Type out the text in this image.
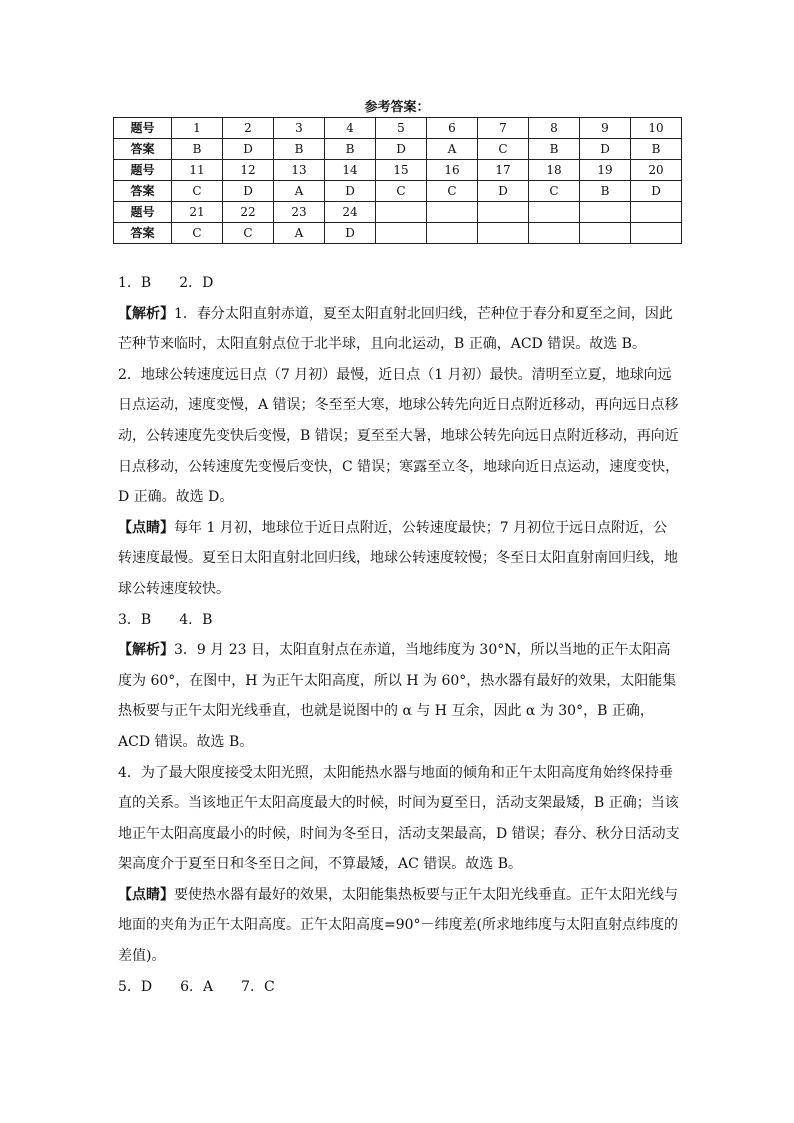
参考答案：
题号	1	2	3	4	5	6	7	8	9	10
答案	B	D	B	B	D	A	C	B	D	B
题号	11	12	13	14	15	16	17	18	19	20
答案	C	D	A	D	C	C	D	C	B	D
题号	21	22	23	24						
答案	C	C	A	D						

1．B　　2．D

【解析】1．春分太阳直射赤道，夏至太阳直射北回归线，芒种位于春分和夏至之间，因此芒种节来临时，太阳直射点位于北半球，且向北运动，B 正确，ACD 错误。故选 B。

2．地球公转速度远日点（7 月初）最慢，近日点（1 月初）最快。清明至立夏，地球向远日点运动，速度变慢，A 错误；冬至至大寒，地球公转先向近日点附近移动，再向远日点移动，公转速度先变快后变慢，B 错误；夏至至大暑，地球公转先向远日点附近移动，再向近日点移动，公转速度先变慢后变快，C 错误；寒露至立冬，地球向近日点运动，速度变快，D 正确。故选 D。

【点睛】每年 1 月初，地球位于近日点附近，公转速度最快；7 月初位于远日点附近，公转速度最慢。夏至日太阳直射北回归线，地球公转速度较慢；冬至日太阳直射南回归线，地球公转速度较快。

3．B　　4．B

【解析】3．9 月 23 日，太阳直射点在赤道，当地纬度为 30°N，所以当地的正午太阳高度为 60°，在图中，H 为正午太阳高度，所以 H 为 60°，热水器有最好的效果，太阳能集热板要与正午太阳光线垂直，也就是说图中的 α 与 H 互余，因此 α 为 30°，B 正确，ACD 错误。故选 B。

4．为了最大限度接受太阳光照，太阳能热水器与地面的倾角和正午太阳高度角始终保持垂直的关系。当该地正午太阳高度最大的时候，时间为夏至日，活动支架最矮，B 正确；当该地正午太阳高度最小的时候，时间为冬至日，活动支架最高，D 错误；春分、秋分日活动支架高度介于夏至日和冬至日之间，不算最矮，AC 错误。故选 B。

【点睛】要使热水器有最好的效果，太阳能集热板要与正午太阳光线垂直。正午太阳光线与地面的夹角为正午太阳高度。正午太阳高度=90°－纬度差(所求地纬度与太阳直射点纬度的差值)。

5．D　　6．A　　7．C
